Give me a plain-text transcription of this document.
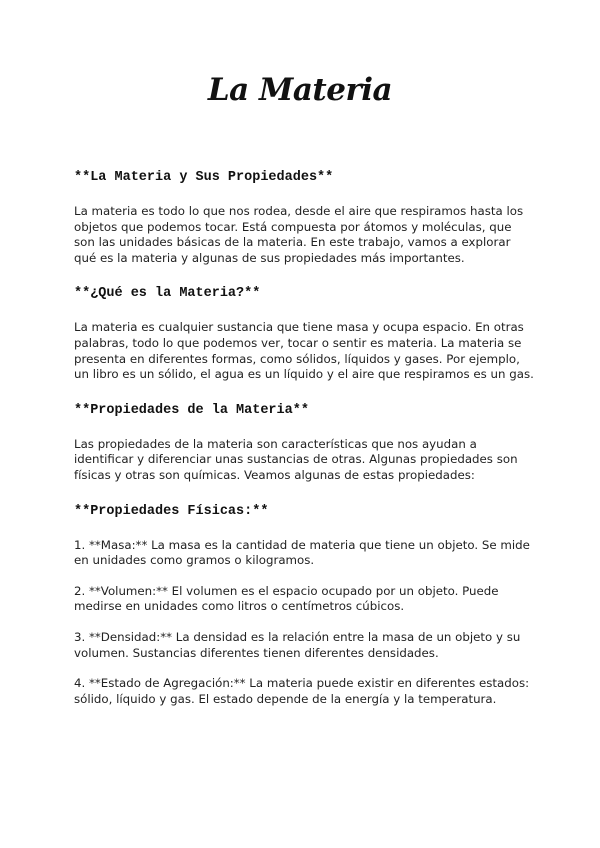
La Materia
**La Materia y Sus Propiedades**

La materia es todo lo que nos rodea, desde el aire que respiramos hasta los objetos que podemos tocar. Está compuesta por átomos y moléculas, que son las unidades básicas de la materia. En este trabajo, vamos a explorar qué es la materia y algunas de sus propiedades más importantes.

**¿Qué es la Materia?**

La materia es cualquier sustancia que tiene masa y ocupa espacio. En otras palabras, todo lo que podemos ver, tocar o sentir es materia. La materia se presenta en diferentes formas, como sólidos, líquidos y gases. Por ejemplo, un libro es un sólido, el agua es un líquido y el aire que respiramos es un gas.

**Propiedades de la Materia**

Las propiedades de la materia son características que nos ayudan a identificar y diferenciar unas sustancias de otras. Algunas propiedades son físicas y otras son químicas. Veamos algunas de estas propiedades:

**Propiedades Físicas:**
1. **Masa:** La masa es la cantidad de materia que tiene un objeto. Se mide en unidades como gramos o kilogramos.
2. **Volumen:** El volumen es el espacio ocupado por un objeto. Puede medirse en unidades como litros o centímetros cúbicos.
3. **Densidad:** La densidad es la relación entre la masa de un objeto y su volumen. Sustancias diferentes tienen diferentes densidades.
4. **Estado de Agregación:** La materia puede existir en diferentes estados: sólido, líquido y gas. El estado depende de la energía y la temperatura.
